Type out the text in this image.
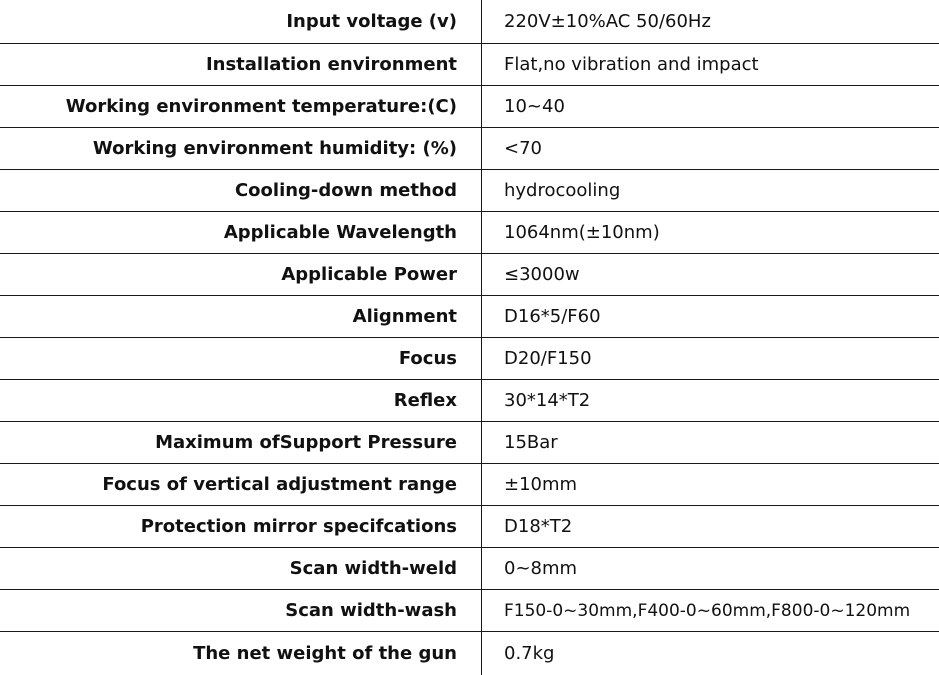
Input voltage (v)	220V±10%AC 50/60Hz
Installation environment	Flat,no vibration and impact
Working environment temperature:(C)	10~40
Working environment humidity: (%)	<70
Cooling-down method	hydrocooling
Applicable Wavelength	1064nm(±10nm)
Applicable Power	≤3000w
Alignment	D16*5/F60
Focus	D20/F150
Reflex	30*14*T2
Maximum ofSupport Pressure	15Bar
Focus of vertical adjustment range	±10mm
Protection mirror specifcations	D18*T2
Scan width-weld	0~8mm
Scan width-wash	F150-0~30mm,F400-0~60mm,F800-0~120mm
The net weight of the gun	0.7kg
